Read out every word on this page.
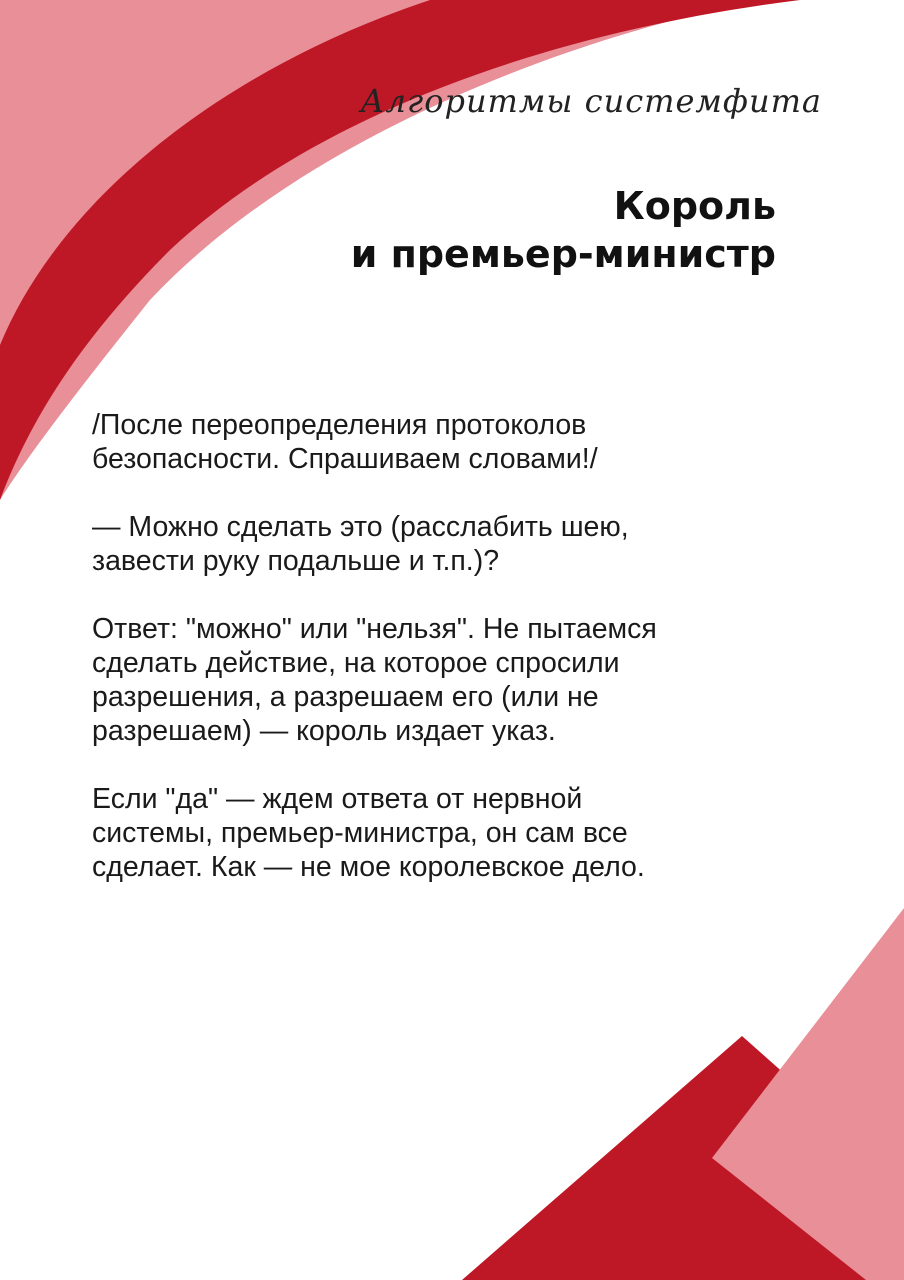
Алгоритмы системфита
Король
и премьер-министр

/После переопределения протоколов
безопасности. Спрашиваем словами!/

— Можно сделать это (расслабить шею,
завести руку подальше и т.п.)?

Ответ: "можно" или "нельзя". Не пытаемся
сделать действие, на которое спросили
разрешения, а разрешаем его (или не
разрешаем) — король издает указ.

Если "да" — ждем ответа от нервной
системы, премьер-министра, он сам все
сделает. Как — не мое королевское дело.
